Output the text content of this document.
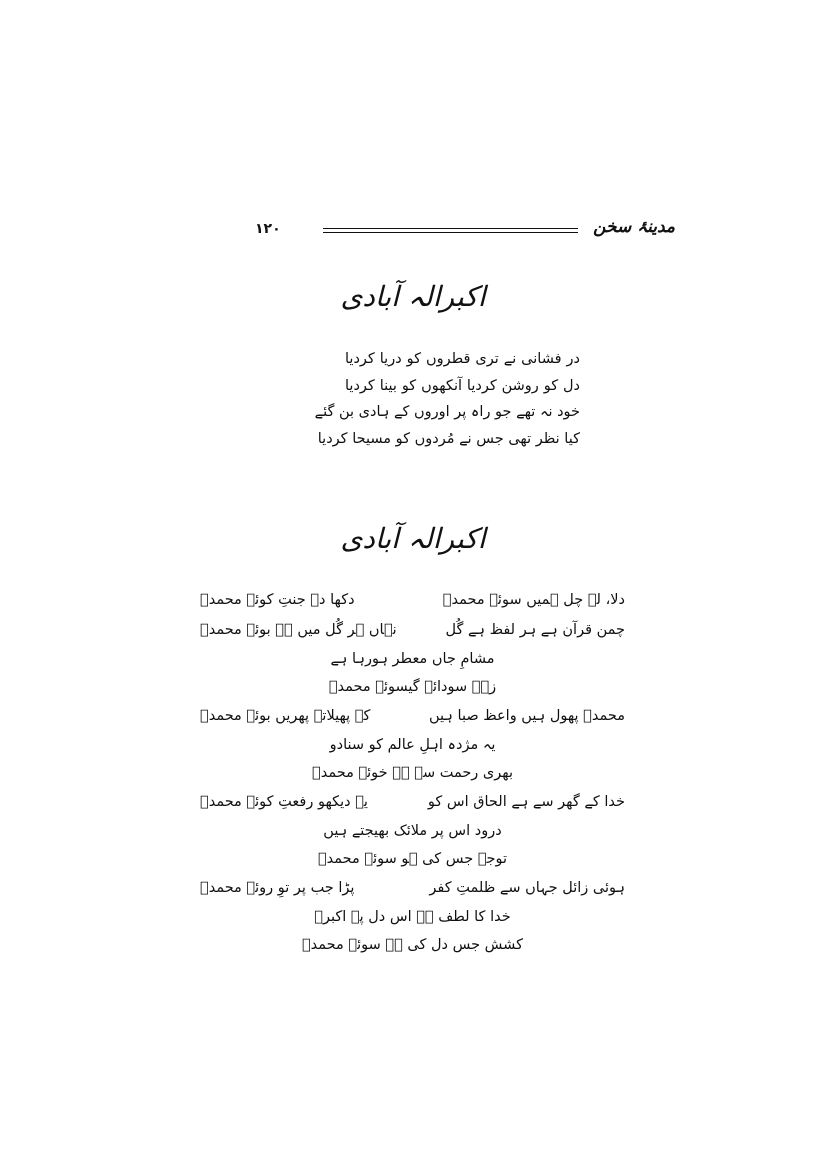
۱۲۰	مدینۂ سخن
اکبرالہ آبادی
در فشانی نے تری قطروں کو دریا کردیا
دل کو روشن کردیا آنکھوں کو بینا کردیا
خود نہ تھے جو راہ پر اوروں کے ہادی بن گئے
کیا نظر تھی جس نے مُردوں کو مسیحا کردیا
اکبرالہ آبادی
دلا، لے چل ہمیں سوئے محمدؐ
دکھا دے جنتِ کوئے محمدؐ
چمن قرآن ہے ہر لفظ ہے گُل
نہاں ہر گُل میں ہے بوئے محمدؐ
مشامِ جاں معطر ہورہا ہے
زہے سودائے گیسوئے محمدؐ
محمدؐ پھول ہیں واعظ صبا ہیں
کہ پھیلاتے پھریں بوئے محمدؐ
یہ مژدہ اہلِ عالم کو سنادو
بھری رحمت سے ہے خوئے محمدؐ
خدا کے گھر سے ہے الحاق اس کو
یہ دیکھو رفعتِ کوئے محمدؐ
درود اس پر ملائک بھیجتے ہیں
توجہ جس کی ہو سوئے محمدؐ
ہوئی زائل جہاں سے ظلمتِ کفر
پڑا جب پر توِ روئے محمدؐ
خدا کا لطف ہے اس دل پہ اکبرؔ
کشش جس دل کی ہے سوئے محمدؐ
